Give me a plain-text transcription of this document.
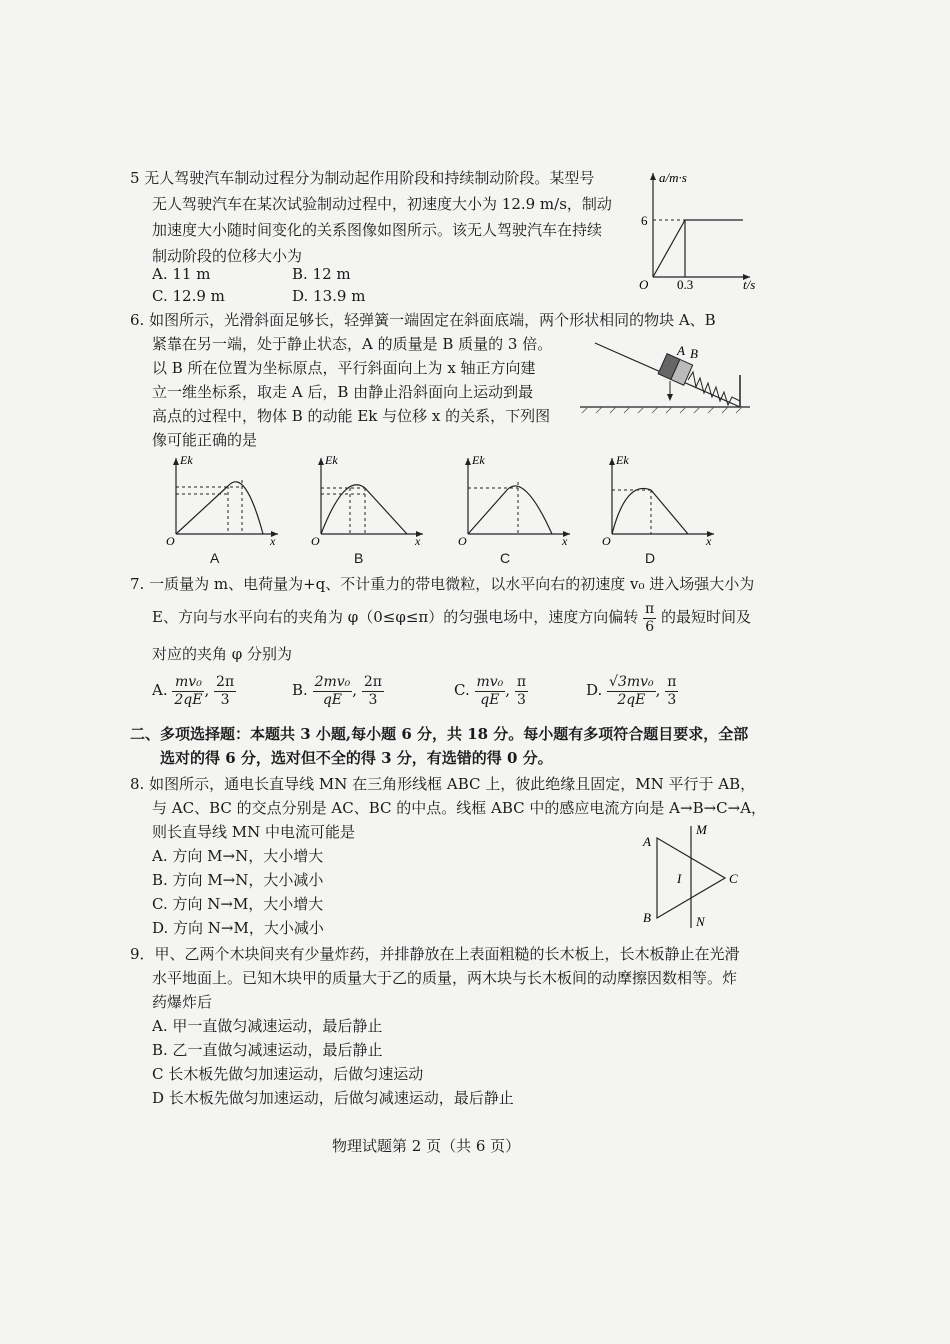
5 无人驾驶汽车制动过程分为制动起作用阶段和持续制动阶段。某型号
无人驾驶汽车在某次试验制动过程中，初速度大小为 12.9 m/s，制动
加速度大小随时间变化的关系图像如图所示。该无人驾驶汽车在持续
制动阶段的位移大小为
A. 11 m	B. 12 m
C. 12.9 m	D. 13.9 m
a/m·s
6
O 0.3	t/s
6. 如图所示，光滑斜面足够长，轻弹簧一端固定在斜面底端，两个形状相同的物块 A、B
紧靠在另一端，处于静止状态，A 的质量是 B 质量的 3 倍。
以 B 所在位置为坐标原点，平行斜面向上为 x 轴正方向建
立一维坐标系，取走 A 后，B 由静止沿斜面向上运动到最
高点的过程中，物体 B 的动能 Ek 与位移 x 的关系，下列图
像可能正确的是
A B
Ek
O	x
Ek
O	x
Ek
O	x
Ek
O	x
A	B	C	D
7. 一质量为 m、电荷量为+q、不计重力的带电微粒，以水平向右的初速度 v₀ 进入场强大小为
E、方向与水平向右的夹角为 φ（0≤φ≤π）的匀强电场中，速度方向偏转 $\frac{\pi}{6}$ 的最短时间及
对应的夹角 φ 分别为
A. $\frac{\text{mv₀}}{2qE}$ , $\frac{2\pi}{3}$	B. $\frac{\text{2mv₀}}{qE}$ , $\frac{2\pi}{3}$	C. $\frac{\text{mv₀}}{qE}$ , $\frac{\pi}{3}$	D. $\frac{\text{√3mv₀}}{2qE}$ , $\frac{\pi}{3}$
二、多项选择题：本题共 3 小题,每小题 6 分，共 18 分。每小题有多项符合题目要求，全部
选对的得 6 分，选对但不全的得 3 分，有选错的得 0 分。
8. 如图所示，通电长直导线 MN 在三角形线框 ABC 上，彼此绝缘且固定，MN 平行于 AB，
与 AC、BC 的交点分别是 AC、BC 的中点。线框 ABC 中的感应电流方向是 A→B→C→A，
则长直导线 MN 中电流可能是
A. 方向 M→N，大小增大
B. 方向 M→N，大小减小
C. 方向 N→M，大小增大
D. 方向 N→M，大小减小
A
B
C
M
N
I
9．甲、乙两个木块间夹有少量炸药，并排静放在上表面粗糙的长木板上，长木板静止在光滑
水平地面上。已知木块甲的质量大于乙的质量，两木块与长木板间的动摩擦因数相等。炸
药爆炸后
A. 甲一直做匀减速运动，最后静止
B. 乙一直做匀减速运动，最后静止
C 长木板先做匀加速运动，后做匀速运动
D 长木板先做匀加速运动，后做匀减速运动，最后静止
物理试题第 2 页（共 6 页）
